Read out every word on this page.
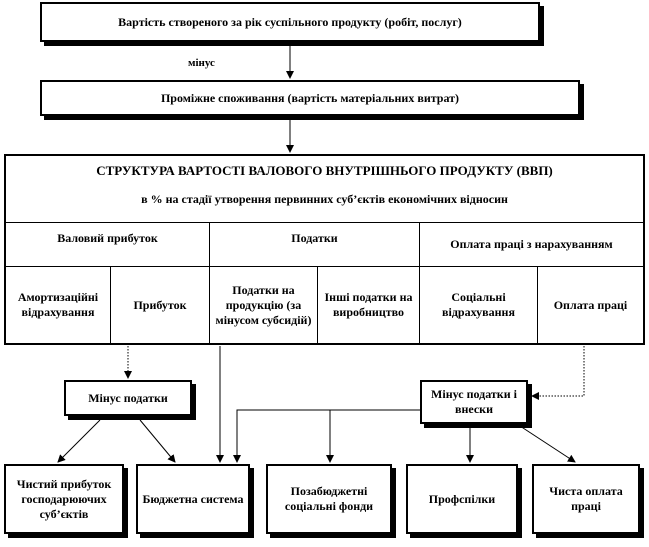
Вартість створеного за рік суспільного продукту (робіт, послуг)
мінус
Проміжне споживання (вартість матеріальних витрат)
СТРУКТУРА ВАРТОСТІ ВАЛОВОГО ВНУТРІШНЬОГО ПРОДУКТУ (ВВП)
в % на стадії утворення первинних суб’єктів економічних відносин
Валовий прибуток	Податки	Оплата праці з нарахуванням
Амортизаційні відрахування
Прибуток
Податки на продукцію (за мінусом субсидій)
Інші податки на виробництво
Соціальні відрахування
Оплата праці
Мінус податки	Мінус податки і внески
Чистий прибуток господарюючих суб’єктів
Бюджетна система
Позабюджетні соціальні фонди
Профспілки
Чиста оплата праці
